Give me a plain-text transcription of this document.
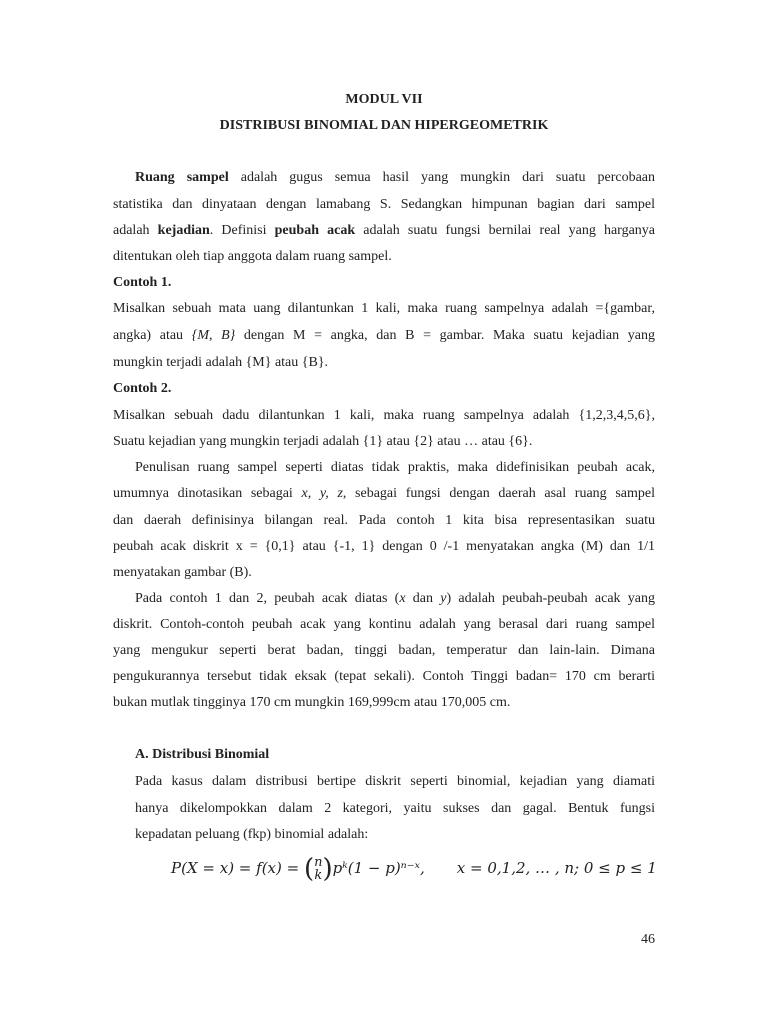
MODUL VII
DISTRIBUSI BINOMIAL DAN HIPERGEOMETRIK
Ruang sampel adalah gugus semua hasil yang mungkin dari suatu percobaan
statistika dan dinyataan dengan lamabang S. Sedangkan himpunan bagian dari sampel
adalah kejadian. Definisi peubah acak adalah suatu fungsi bernilai real yang harganya
ditentukan oleh tiap anggota dalam ruang sampel.
Contoh 1.
Misalkan sebuah mata uang dilantunkan 1 kali, maka ruang sampelnya adalah ={gambar,
angka) atau {M, B} dengan M = angka, dan B = gambar. Maka suatu kejadian yang
mungkin terjadi adalah {M} atau {B}.
Contoh 2.
Misalkan sebuah dadu dilantunkan 1 kali, maka ruang sampelnya adalah {1,2,3,4,5,6},
Suatu kejadian yang mungkin terjadi adalah {1} atau {2} atau … atau {6}.
Penulisan ruang sampel seperti diatas tidak praktis, maka didefinisikan peubah acak,
umumnya dinotasikan sebagai x, y, z, sebagai fungsi dengan daerah asal ruang sampel
dan daerah definisinya bilangan real. Pada contoh 1 kita bisa representasikan suatu
peubah acak diskrit x = {0,1} atau {-1, 1} dengan 0 /-1 menyatakan angka (M) dan 1/1
menyatakan gambar (B).
Pada contoh 1 dan 2, peubah acak diatas (x dan y) adalah peubah-peubah acak yang
diskrit. Contoh-contoh peubah acak yang kontinu adalah yang berasal dari ruang sampel
yang mengukur seperti berat badan, tinggi badan, temperatur dan lain-lain. Dimana
pengukurannya tersebut tidak eksak (tepat sekali). Contoh Tinggi badan= 170 cm berarti
bukan mutlak tingginya 170 cm mungkin 169,999cm atau 170,005 cm.
A. Distribusi Binomial
Pada kasus dalam distribusi bertipe diskrit seperti binomial, kejadian yang diamati
hanya dikelompokkan dalam 2 kategori, yaitu sukses dan gagal. Bentuk fungsi
kepadatan peluang (fkp) binomial adalah:
P(X = x) = f(x) = (n
k)pᵏ(1 − p)ⁿ⁻ˣ, x = 0,1,2, … , n; 0 ≤ p ≤ 1
46
